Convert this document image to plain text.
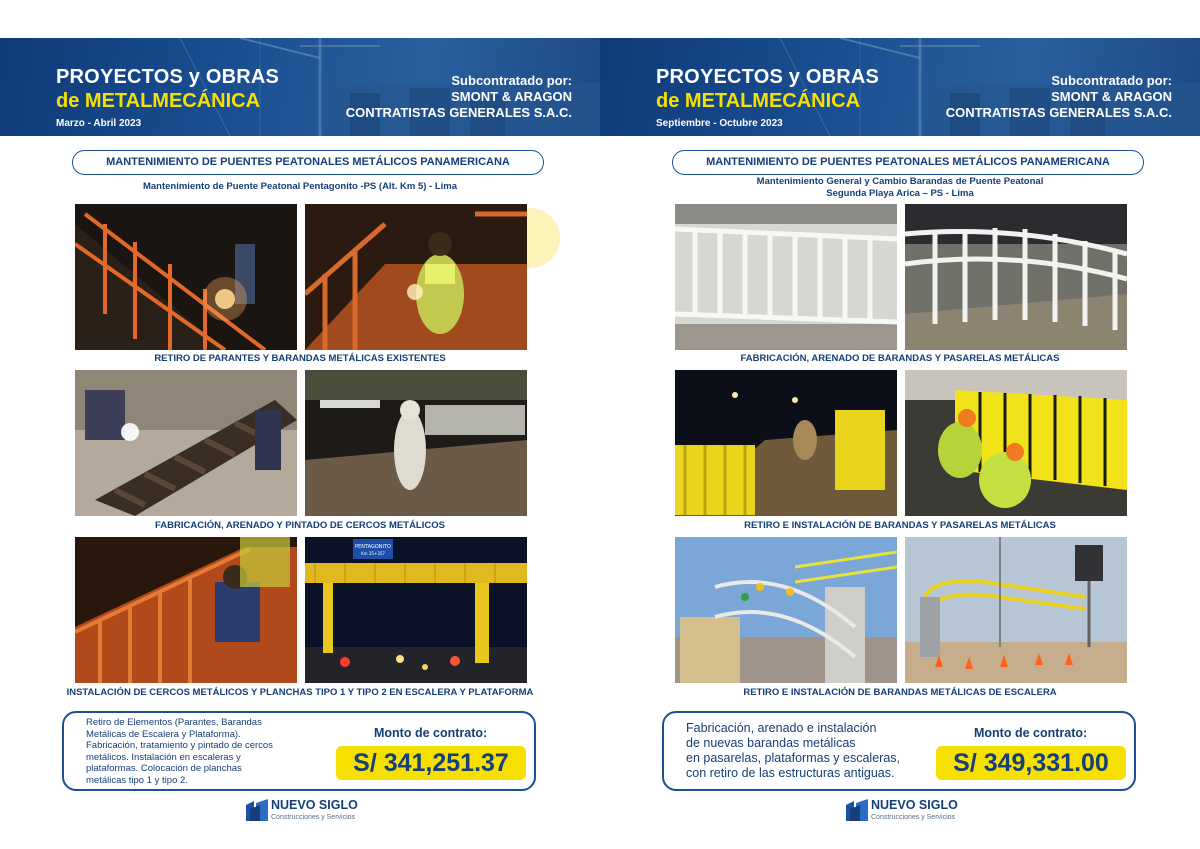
PROYECTOS y OBRAS
de METALMECÁNICA
Marzo - Abril 2023
Subcontratado por:
SMONT & ARAGON
CONTRATISTAS GENERALES S.A.C.
MANTENIMIENTO DE PUENTES PEATONALES METÁLICOS PANAMERICANA
Mantenimiento de Puente Peatonal Pentagonito -PS (Alt. Km 5) - Lima
RETIRO DE PARANTES Y BARANDAS METÁLICAS EXISTENTES
FABRICACIÓN, ARENADO Y PINTADO DE CERCOS METÁLICOS
PENTAGONITO
Km 25+357
INSTALACIÓN DE CERCOS METÁLICOS Y PLANCHAS TIPO 1 Y TIPO 2 EN ESCALERA Y PLATAFORMA
Retiro de Elementos (Parantes, Barandas
Metálicas de Escalera y Plataforma).
Fabricación, tratamiento y pintado de cercos
metálicos. Instalación en escaleras y
plataformas. Colocación de planchas
metálicas tipo 1 y tipo 2.
Monto de contrato:
S/ 341,251.37
NUEVO SIGLO
Construcciones y Servicios
PROYECTOS y OBRAS
de METALMECÁNICA
Septiembre - Octubre 2023
Subcontratado por:
SMONT & ARAGON
CONTRATISTAS GENERALES S.A.C.
MANTENIMIENTO DE PUENTES PEATONALES METÁLICOS PANAMERICANA
Mantenimiento General y Cambio Barandas de Puente Peatonal
Segunda Playa Arica – PS - Lima
FABRICACIÓN, ARENADO DE BARANDAS Y PASARELAS METÁLICAS
RETIRO E INSTALACIÓN DE BARANDAS Y PASARELAS METÁLICAS
RETIRO E INSTALACIÓN DE BARANDAS METÁLICAS DE ESCALERA
Fabricación, arenado e instalación
de nuevas barandas metálicas
en pasarelas, plataformas y escaleras,
con retiro de las estructuras antiguas.
Monto de contrato:
S/ 349,331.00
NUEVO SIGLO
Construcciones y Servicios
